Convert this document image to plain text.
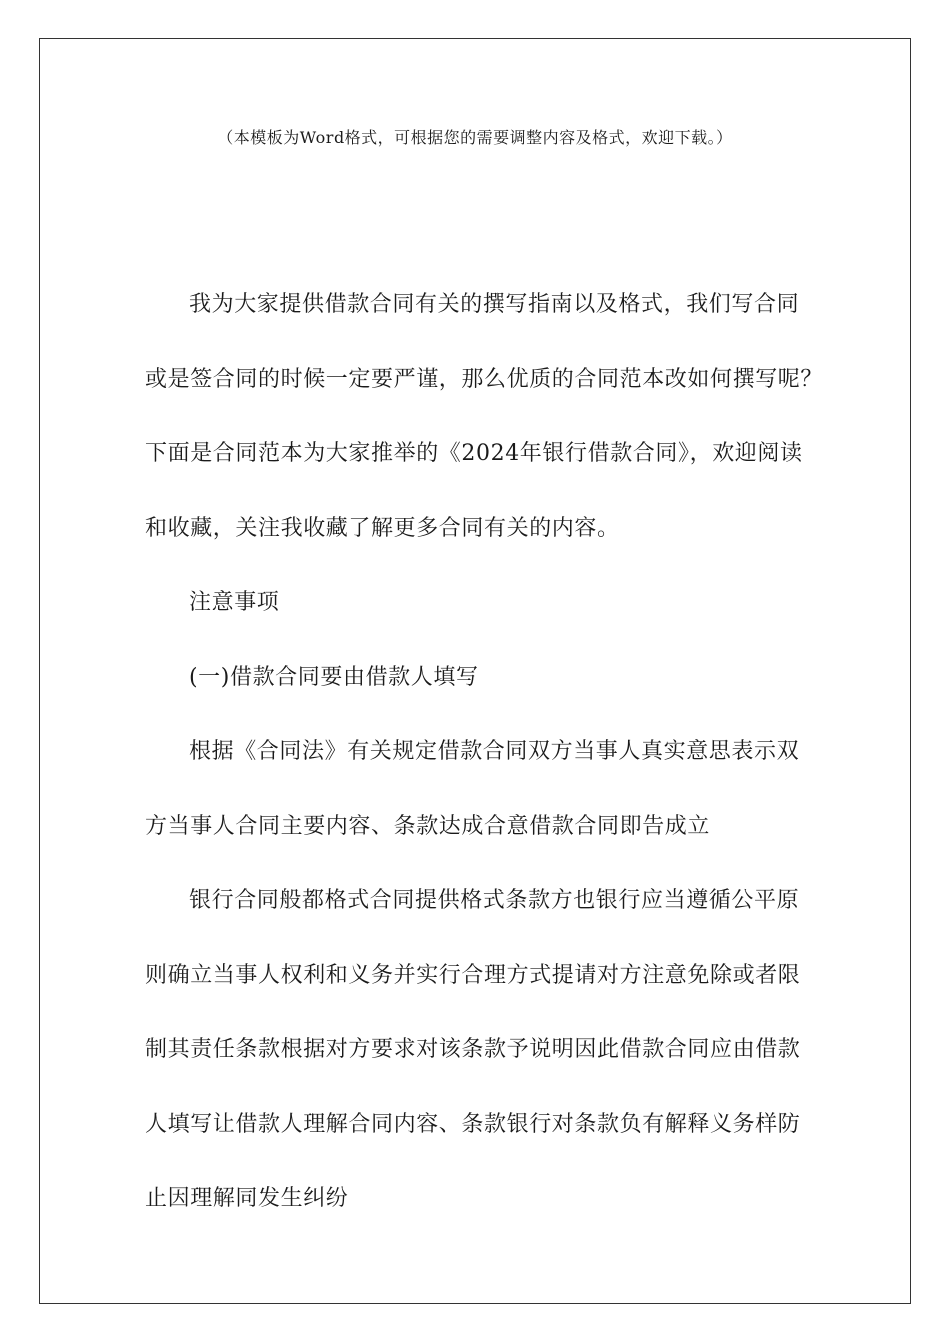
（本模板为Word格式，可根据您的需要调整内容及格式，欢迎下载。）

我为大家提供借款合同有关的撰写指南以及格式，我们写合同
或是签合同的时候一定要严谨，那么优质的合同范本改如何撰写呢？
下面是合同范本为大家推举的《2024年银行借款合同》，欢迎阅读
和收藏，关注我收藏了解更多合同有关的内容。

注意事项

(一)借款合同要由借款人填写

根据《合同法》有关规定借款合同双方当事人真实意思表示双
方当事人合同主要内容、条款达成合意借款合同即告成立

银行合同般都格式合同提供格式条款方也银行应当遵循公平原
则确立当事人权利和义务并实行合理方式提请对方注意免除或者限
制其责任条款根据对方要求对该条款予说明因此借款合同应由借款
人填写让借款人理解合同内容、条款银行对条款负有解释义务样防
止因理解同发生纠纷
